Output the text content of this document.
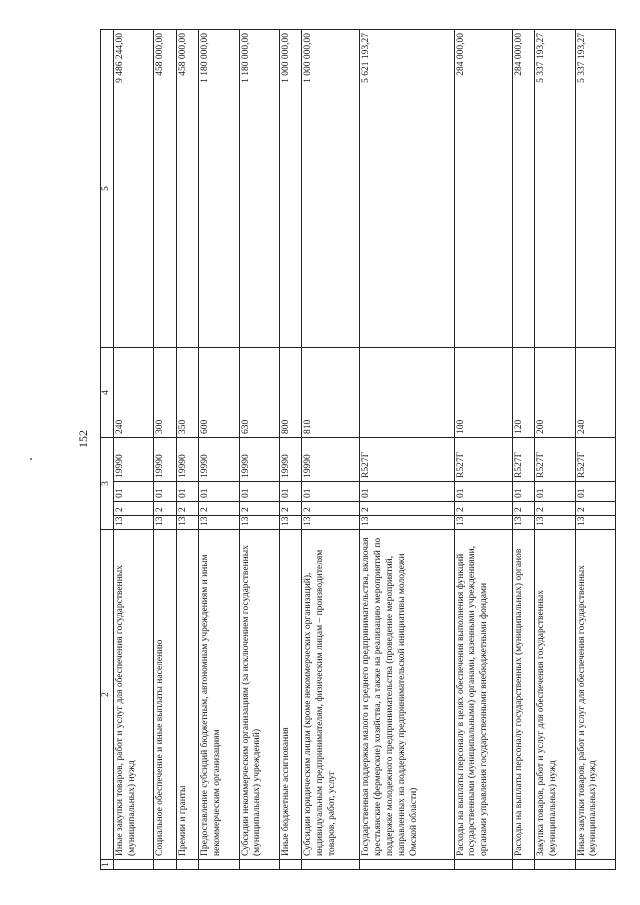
152
1	2	3				4	5
	Иные закупки товаров, работ и услуг для обеспечения государственных (муниципальных) нужд	13	2	01	19990	240	9 486 244,00
	Социальное обеспечение и иные выплаты населению	13	2	01	19990	300	458 000,00
	Премии и гранты	13	2	01	19990	350	458 000,00
	Предоставление субсидий бюджетным, автономным учреждениям и иным некоммерческим организациям	13	2	01	19990	600	1 180 000,00
	Субсидии некоммерческим организациям (за исключением государственных (муниципальных) учреждений)	13	2	01	19990	630	1 180 000,00
	Иные бюджетные ассигнования	13	2	01	19990	800	1 000 000,00
	Субсидии юридическим лицам (кроме некоммерческих организаций), индивидуальным предпринимателям, физическим лицам – производителям товаров, работ, услуг	13	2	01	19990	810	1 000 000,00
	Государственная поддержка малого и среднего предпринимательства, включая крестьянские (фермерские) хозяйства, а также на реализацию мероприятий по поддержке молодежного предпринимательства (проведение мероприятий, направленных на поддержку предпринимательской инициативы молодежи Омской области)	13	2	01	R527Г		5 621 193,27
	Расходы на выплаты персоналу в целях обеспечения выполнения функций государственными (муниципальными) органами, казенными учреждениями, органами управления государственными внебюджетными фондами	13	2	01	R527Г	100	284 000,00
	Расходы на выплаты персоналу государственных (муниципальных) органов	13	2	01	R527Г	120	284 000,00
	Закупка товаров, работ и услуг для обеспечения государственных (муниципальных) нужд	13	2	01	R527Г	200	5 337 193,27
	Иные закупки товаров, работ и услуг для обеспечения государственных (муниципальных) нужд	13	2	01	R527Г	240	5 337 193,27
